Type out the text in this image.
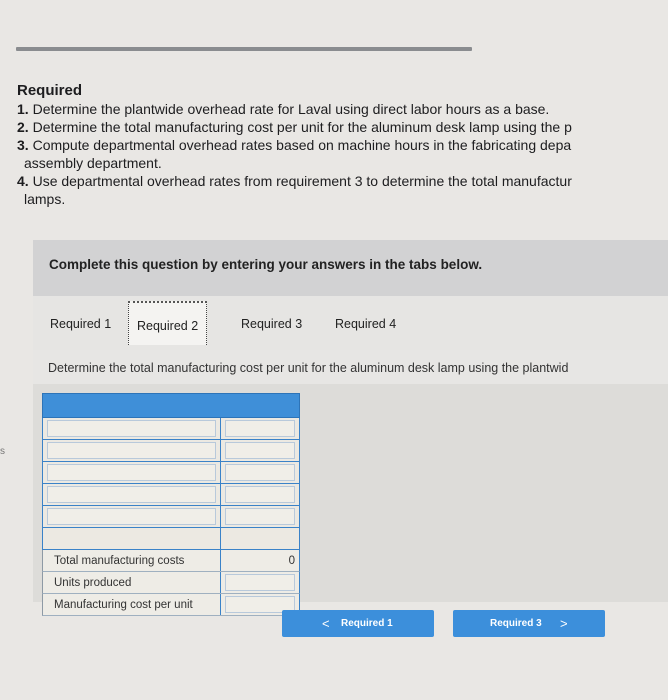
Required
1. Determine the plantwide overhead rate for Laval using direct labor hours as a base.
2. Determine the total manufacturing cost per unit for the aluminum desk lamp using the p
3. Compute departmental overhead rates based on machine hours in the fabricating depa
assembly department.
4. Use departmental overhead rates from requirement 3 to determine the total manufactur
lamps.
Complete this question by entering your answers in the tabs below.
Required 1	Required 2	Required 3	Required 4
Determine the total manufacturing cost per unit for the aluminum desk lamp using the plantwid
s
Total manufacturing costs	0
Units produced
Manufacturing cost per unit
< Required 1	Required 3 >
